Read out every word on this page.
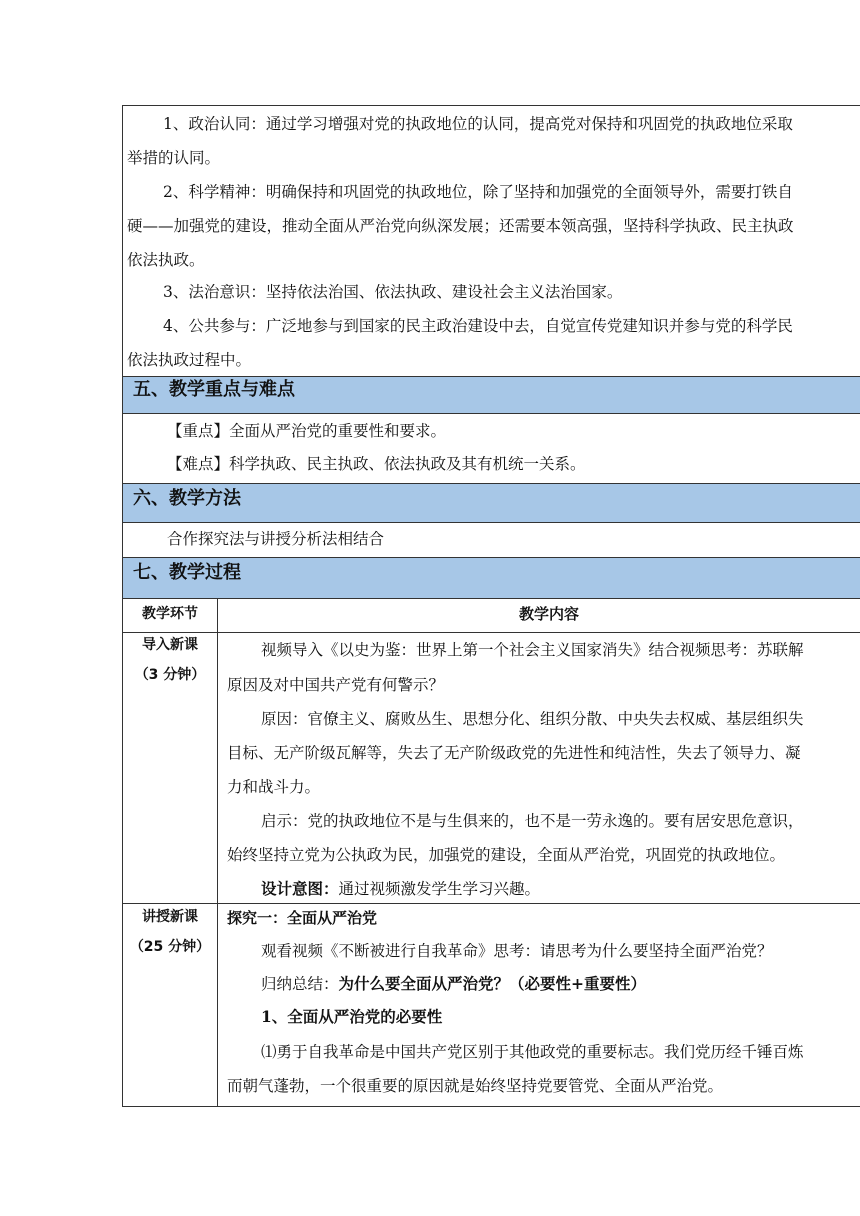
1、政治认同：通过学习增强对党的执政地位的认同，提高党对保持和巩固党的执政地位采取
举措的认同。
2、科学精神：明确保持和巩固党的执政地位，除了坚持和加强党的全面领导外，需要打铁自
硬——加强党的建设，推动全面从严治党向纵深发展；还需要本领高强，坚持科学执政、民主执政
依法执政。
3、法治意识：坚持依法治国、依法执政、建设社会主义法治国家。
4、公共参与：广泛地参与到国家的民主政治建设中去，自觉宣传党建知识并参与党的科学民
依法执政过程中。
五、教学重点与难点
【重点】全面从严治党的重要性和要求。
【难点】科学执政、民主执政、依法执政及其有机统一关系。
六、教学方法
合作探究法与讲授分析法相结合
七、教学过程
教学环节	教学内容
导入新课
（3 分钟）
视频导入《以史为鉴：世界上第一个社会主义国家消失》结合视频思考：苏联解
原因及对中国共产党有何警示？
原因：官僚主义、腐败丛生、思想分化、组织分散、中央失去权威、基层组织失
目标、无产阶级瓦解等，失去了无产阶级政党的先进性和纯洁性，失去了领导力、凝
力和战斗力。
启示：党的执政地位不是与生俱来的，也不是一劳永逸的。要有居安思危意识，
始终坚持立党为公执政为民，加强党的建设，全面从严治党，巩固党的执政地位。
设计意图：通过视频激发学生学习兴趣。
讲授新课
（25 分钟）
探究一：全面从严治党
观看视频《不断被进行自我革命》思考：请思考为什么要坚持全面严治党？
归纳总结：为什么要全面从严治党？（必要性+重要性）
1、全面从严治党的必要性
⑴勇于自我革命是中国共产党区别于其他政党的重要标志。我们党历经千锤百炼
而朝气蓬勃，一个很重要的原因就是始终坚持党要管党、全面从严治党。
